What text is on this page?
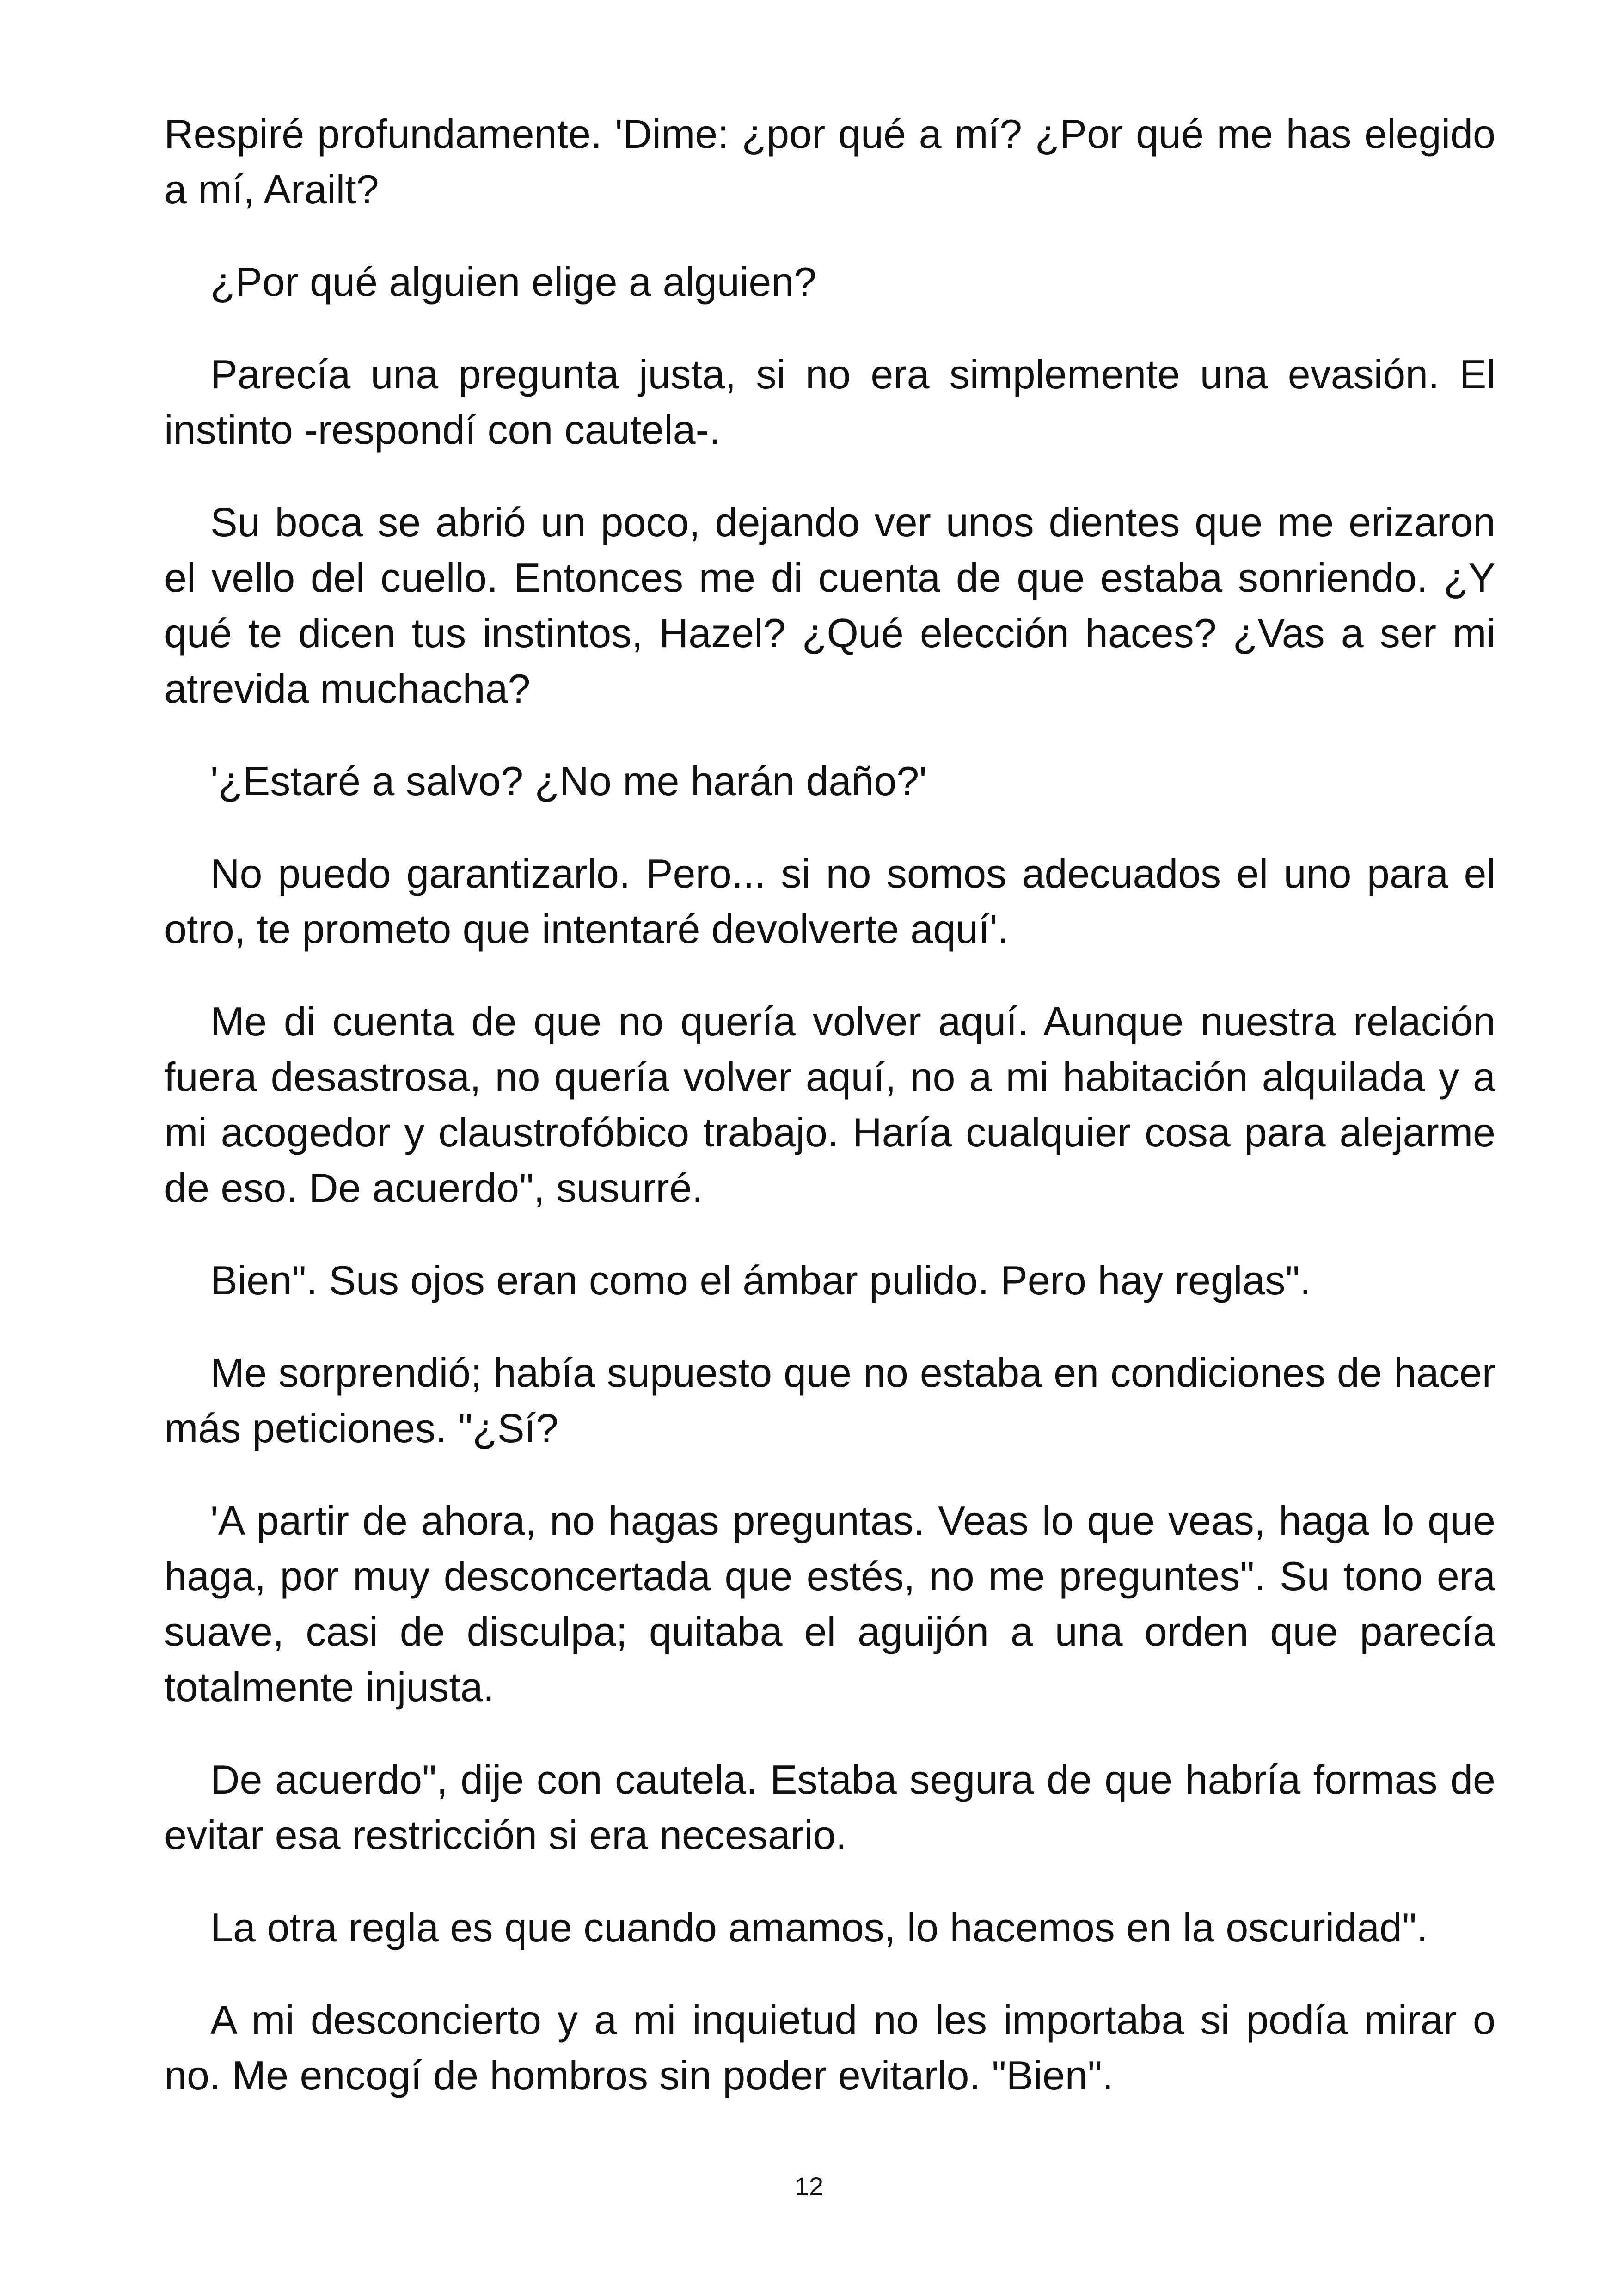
Respiré profundamente. 'Dime: ¿por qué a mí? ¿Por qué me has elegido a mí, Arailt?

¿Por qué alguien elige a alguien?

Parecía una pregunta justa, si no era simplemente una evasión. El instinto -respondí con cautela-.

Su boca se abrió un poco, dejando ver unos dientes que me erizaron el vello del cuello. Entonces me di cuenta de que estaba sonriendo. ¿Y qué te dicen tus instintos, Hazel? ¿Qué elección haces? ¿Vas a ser mi atrevida muchacha?

'¿Estaré a salvo? ¿No me harán daño?'

No puedo garantizarlo. Pero... si no somos adecuados el uno para el otro, te prometo que intentaré devolverte aquí'.

Me di cuenta de que no quería volver aquí. Aunque nuestra relación fuera desastrosa, no quería volver aquí, no a mi habitación alquilada y a mi acogedor y claustrofóbico trabajo. Haría cualquier cosa para alejarme de eso. De acuerdo", susurré.

Bien". Sus ojos eran como el ámbar pulido. Pero hay reglas".

Me sorprendió; había supuesto que no estaba en condiciones de hacer más peticiones. "¿Sí?

'A partir de ahora, no hagas preguntas. Veas lo que veas, haga lo que haga, por muy desconcertada que estés, no me preguntes". Su tono era suave, casi de disculpa; quitaba el aguijón a una orden que parecía totalmente injusta.

De acuerdo", dije con cautela. Estaba segura de que habría formas de evitar esa restricción si era necesario.

La otra regla es que cuando amamos, lo hacemos en la oscuridad".

A mi desconcierto y a mi inquietud no les importaba si podía mirar o no. Me encogí de hombros sin poder evitarlo. "Bien".

12
